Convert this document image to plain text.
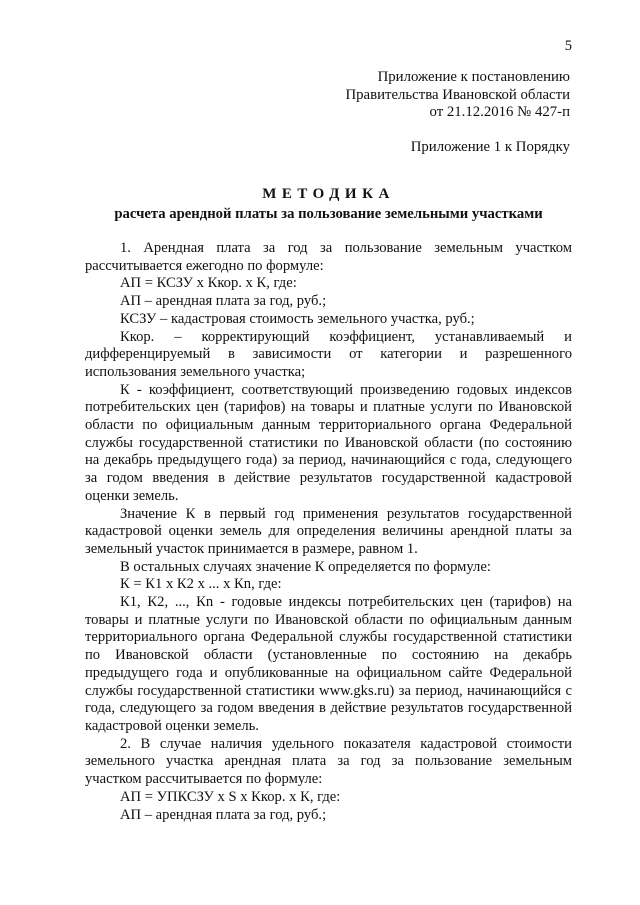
5
Приложение к постановлению
Правительства Ивановской области
от 21.12.2016 № 427-п
Приложение 1 к Порядку
МЕТОДИКА
расчета арендной платы за пользование земельными участками

1. Арендная плата за год за пользование земельным участком рассчитывается ежегодно по формуле:

АП = КСЗУ x Ккор. x К, где:

АП – арендная плата за год, руб.;

КСЗУ – кадастровая стоимость земельного участка, руб.;

Ккор. – корректирующий коэффициент, устанавливаемый и дифференцируемый в зависимости от категории и разрешенного использования земельного участка;

К - коэффициент, соответствующий произведению годовых индексов потребительских цен (тарифов) на товары и платные услуги по Ивановской области по официальным данным территориального органа Федеральной службы государственной статистики по Ивановской области (по состоянию на декабрь предыдущего года) за период, начинающийся с года, следующего за годом введения в действие результатов государственной кадастровой оценки земель.

Значение К в первый год применения результатов государственной кадастровой оценки земель для определения величины арендной платы за земельный участок принимается в размере, равном 1.

В остальных случаях значение К определяется по формуле:

К = К1 x К2 x ... x Кn, где:

К1, К2, ..., Кn - годовые индексы потребительских цен (тарифов) на товары и платные услуги по Ивановской области по официальным данным территориального органа Федеральной службы государственной статистики по Ивановской области (установленные по состоянию на декабрь предыдущего года и опубликованные на официальном сайте Федеральной службы государственной статистики www.gks.ru) за период, начинающийся с года, следующего за годом введения в действие результатов государственной кадастровой оценки земель.

2. В случае наличия удельного показателя кадастровой стоимости земельного участка арендная плата за год за пользование земельным участком рассчитывается по формуле:

АП = УПКСЗУ x S x Ккор. x К, где:

АП – арендная плата за год, руб.;
